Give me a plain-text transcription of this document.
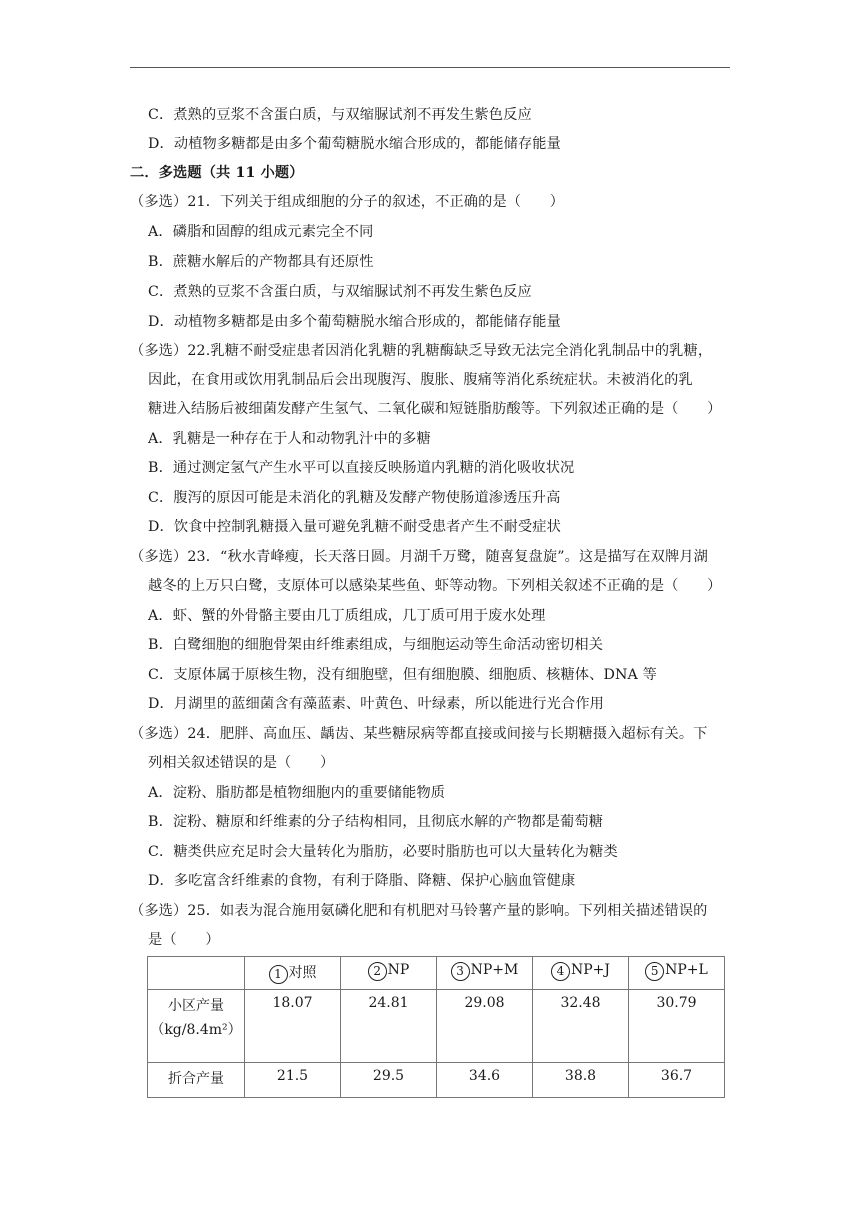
C．煮熟的豆浆不含蛋白质，与双缩脲试剂不再发生紫色反应
D．动植物多糖都是由多个葡萄糖脱水缩合形成的，都能储存能量
二．多选题（共 11 小题）
（多选）21．下列关于组成细胞的分子的叙述，不正确的是（　　）
A．磷脂和固醇的组成元素完全不同
B．蔗糖水解后的产物都具有还原性
C．煮熟的豆浆不含蛋白质，与双缩脲试剂不再发生紫色反应
D．动植物多糖都是由多个葡萄糖脱水缩合形成的，都能储存能量
（多选）22.乳糖不耐受症患者因消化乳糖的乳糖酶缺乏导致无法完全消化乳制品中的乳糖，
因此，在食用或饮用乳制品后会出现腹泻、腹胀、腹痛等消化系统症状。未被消化的乳
糖进入结肠后被细菌发酵产生氢气、二氧化碳和短链脂肪酸等。下列叙述正确的是（　　）
A．乳糖是一种存在于人和动物乳汁中的多糖
B．通过测定氢气产生水平可以直接反映肠道内乳糖的消化吸收状况
C．腹泻的原因可能是未消化的乳糖及发酵产物使肠道渗透压升高
D．饮食中控制乳糖摄入量可避免乳糖不耐受患者产生不耐受症状
（多选）23．“秋水青峰瘦，长天落日圆。月湖千万鹭，随喜复盘旋”。这是描写在双牌月湖
越冬的上万只白鹭，支原体可以感染某些鱼、虾等动物。下列相关叙述不正确的是（　　）
A．虾、蟹的外骨骼主要由几丁质组成，几丁质可用于废水处理
B．白鹭细胞的细胞骨架由纤维素组成，与细胞运动等生命活动密切相关
C．支原体属于原核生物，没有细胞壁，但有细胞膜、细胞质、核糖体、DNA 等
D．月湖里的蓝细菌含有藻蓝素、叶黄色、叶绿素，所以能进行光合作用
（多选）24．肥胖、高血压、龋齿、某些糖尿病等都直接或间接与长期糖摄入超标有关。下
列相关叙述错误的是（　　）
A．淀粉、脂肪都是植物细胞内的重要储能物质
B．淀粉、糖原和纤维素的分子结构相同，且彻底水解的产物都是葡萄糖
C．糖类供应充足时会大量转化为脂肪，必要时脂肪也可以大量转化为糖类
D．多吃富含纤维素的食物，有利于降脂、降糖、保护心脑血管健康
（多选）25．如表为混合施用氨磷化肥和有机肥对马铃薯产量的影响。下列相关描述错误的
是（　　）
	1 对照	2 NP	3 NP+M	4 NP+J	5 NP+L
小区产量
（kg/8.4m²）	18.07	24.81	29.08	32.48	30.79
折合产量	21.5	29.5	34.6	38.8	36.7
